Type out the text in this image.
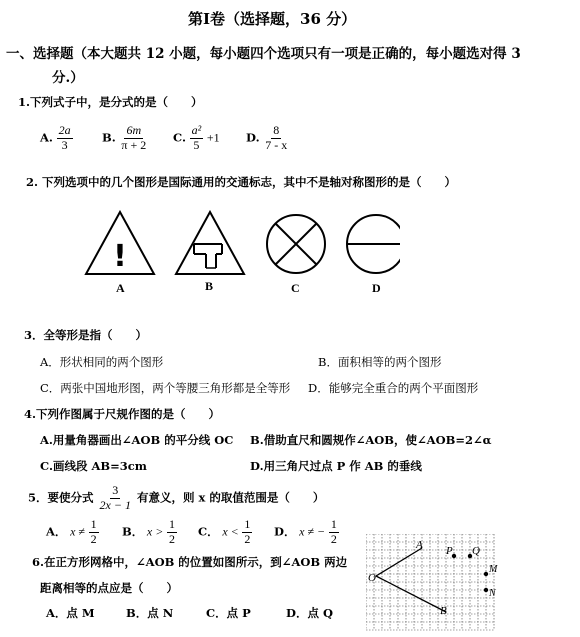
第Ⅰ卷（选择题，36 分）
一、选择题（本大题共 12 小题，每小题四个选项只有一项是正确的，每小题选对得 3
分.）
1.下列式子中，是分式的是（　　）
A. $\frac{2a}{3}$	B. $\frac{6m}{\pi + 2} C$. $\frac{\text{a²}}{5} +1$ D. $\frac{8}{7 - x}$
2. 下列选项中的几个图形是国际通用的交通标志，其中不是轴对称图形的是（　　）
!
A	B	C	D
3．全等形是指（　　）
A．形状相同的两个图形	B．面积相等的两个图形
C．两张中国地形图，两个等腰三角形都是全等形 D．能够完全重合的两个平面图形
4.下列作图属于尺规作图的是（　　）
A.用量角器画出∠AOB 的平分线 OC B.借助直尺和圆规作∠AOB，使∠AOB=2∠α
C.画线段 AB=3cm	D.用三角尺过点 P 作 AB 的垂线
5．要使分式 $\frac{3}{2x - 1}$ 有意义，则 x 的取值范围是（　　）
A． $x \ne \frac{1}{2}$ B． $x > \frac{1}{2}$ C． $x < \frac{1}{2}$ D． x ≠ − $\frac{1}{2}$
6.在正方形网格中，∠AOB 的位置如图所示，到∠AOB 两边
距离相等的点应是（　　）
A．点 M	B．点 N	C．点 P	D．点 Q
O
A
B
P Q
M
N
